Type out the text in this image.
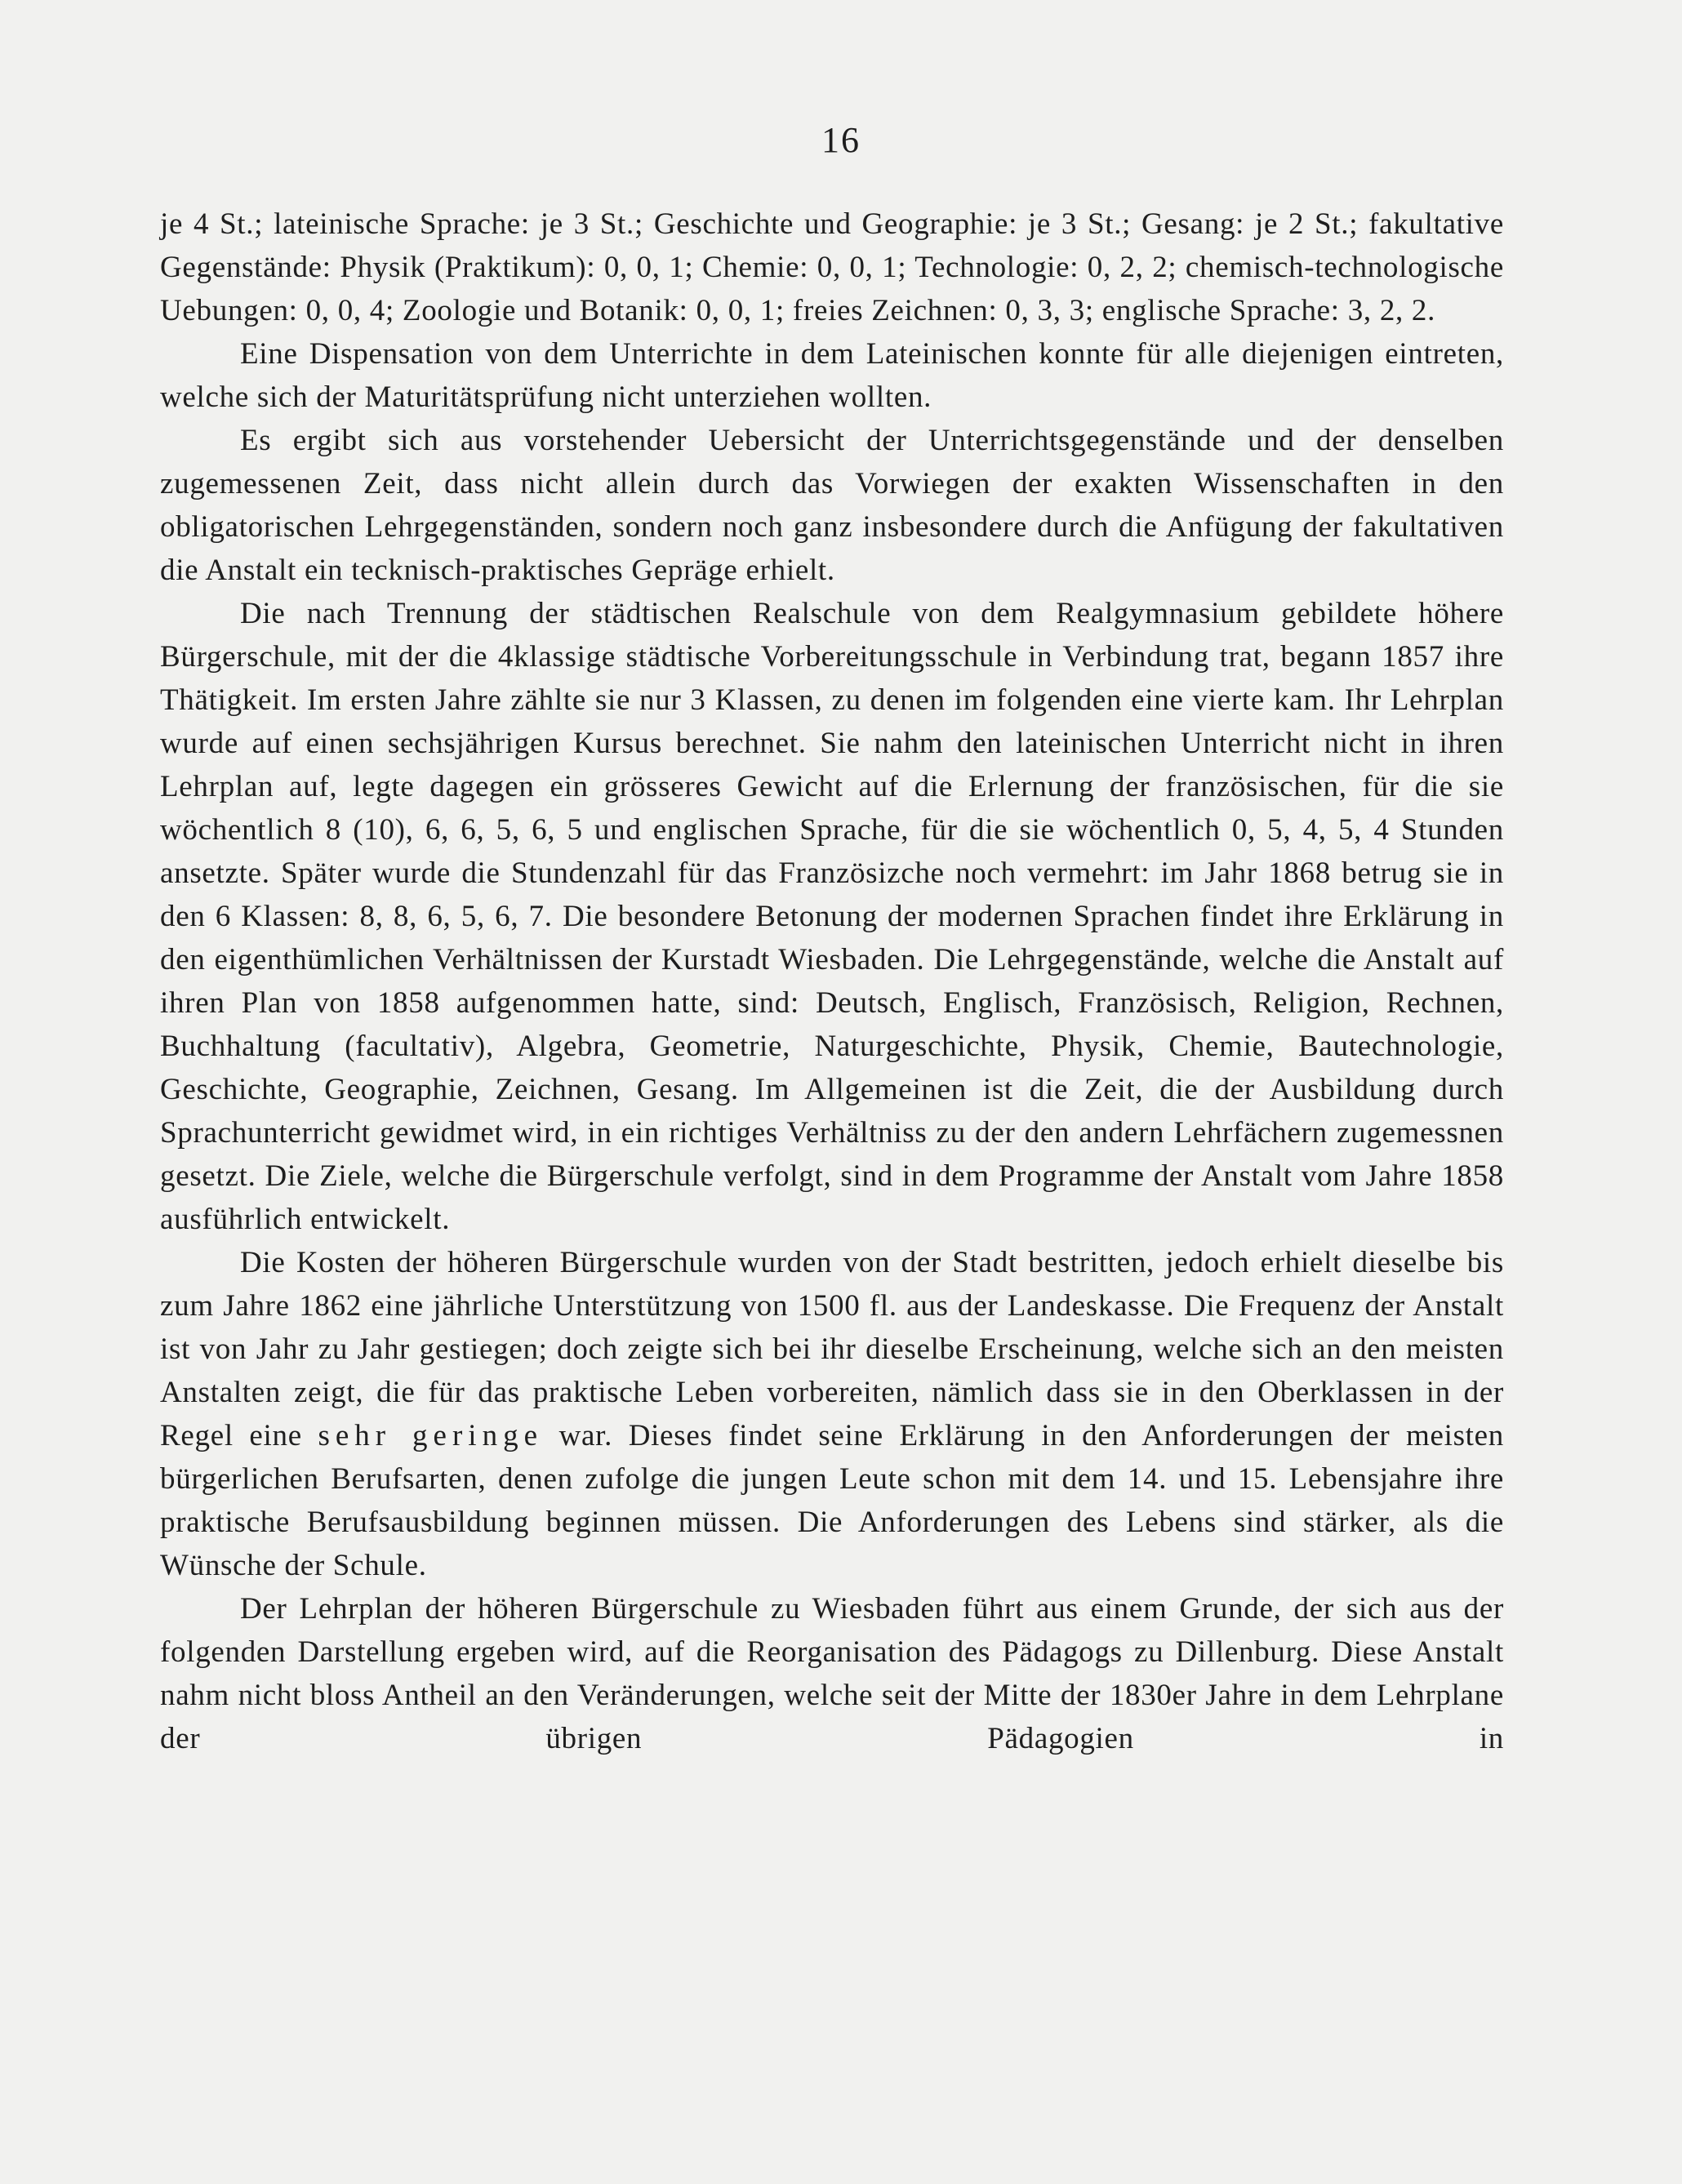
16

je 4 St.; lateinische Sprache: je 3 St.; Geschichte und Geographie: je 3 St.; Gesang: je 2 St.; fakultative Gegenstände: Physik (Praktikum): 0, 0, 1; Chemie: 0, 0, 1; Technologie: 0, 2, 2; chemisch-technologische Uebungen: 0, 0, 4; Zoologie und Botanik: 0, 0, 1; freies Zeichnen: 0, 3, 3; englische Sprache: 3, 2, 2.

Eine Dispensation von dem Unterrichte in dem Lateinischen konnte für alle diejenigen eintreten, welche sich der Maturitätsprüfung nicht unterziehen wollten.

Es ergibt sich aus vorstehender Uebersicht der Unterrichtsgegenstände und der denselben zugemessenen Zeit, dass nicht allein durch das Vorwiegen der exakten Wissenschaften in den obligatorischen Lehrgegenständen, sondern noch ganz insbesondere durch die Anfügung der fakultativen die Anstalt ein tecknisch-praktisches Gepräge erhielt.

Die nach Trennung der städtischen Realschule von dem Realgymnasium gebildete höhere Bürgerschule, mit der die 4klassige städtische Vorbereitungsschule in Verbindung trat, begann 1857 ihre Thätigkeit. Im ersten Jahre zählte sie nur 3 Klassen, zu denen im folgenden eine vierte kam. Ihr Lehrplan wurde auf einen sechsjährigen Kursus berechnet. Sie nahm den lateinischen Unterricht nicht in ihren Lehrplan auf, legte dagegen ein grösseres Gewicht auf die Erlernung der französischen, für die sie wöchentlich 8 (10), 6, 6, 5, 6, 5 und englischen Sprache, für die sie wöchentlich 0, 5, 4, 5, 4 Stunden ansetzte. Später wurde die Stundenzahl für das Französizche noch vermehrt: im Jahr 1868 betrug sie in den 6 Klassen: 8, 8, 6, 5, 6, 7. Die besondere Betonung der modernen Sprachen findet ihre Erklärung in den eigenthümlichen Verhältnissen der Kurstadt Wiesbaden. Die Lehrgegenstände, welche die Anstalt auf ihren Plan von 1858 aufgenommen hatte, sind: Deutsch, Englisch, Französisch, Religion, Rechnen, Buchhaltung (facultativ), Algebra, Geometrie, Naturgeschichte, Physik, Chemie, Bautechnologie, Geschichte, Geographie, Zeichnen, Gesang. Im Allgemeinen ist die Zeit, die der Ausbildung durch Sprachunterricht gewidmet wird, in ein richtiges Verhältniss zu der den andern Lehrfächern zugemessnen gesetzt. Die Ziele, welche die Bürgerschule verfolgt, sind in dem Programme der Anstalt vom Jahre 1858 ausführlich entwickelt.

Die Kosten der höheren Bürgerschule wurden von der Stadt bestritten, jedoch erhielt dieselbe bis zum Jahre 1862 eine jährliche Unterstützung von 1500 fl. aus der Landeskasse. Die Frequenz der Anstalt ist von Jahr zu Jahr gestiegen; doch zeigte sich bei ihr dieselbe Erscheinung, welche sich an den meisten Anstalten zeigt, die für das praktische Leben vorbereiten, nämlich dass sie in den Oberklassen in der Regel eine sehr geringe war. Dieses findet seine Erklärung in den Anforderungen der meisten bürgerlichen Berufsarten, denen zufolge die jungen Leute schon mit dem 14. und 15. Lebensjahre ihre praktische Berufsausbildung beginnen müssen. Die Anforderungen des Lebens sind stärker, als die Wünsche der Schule.

Der Lehrplan der höheren Bürgerschule zu Wiesbaden führt aus einem Grunde, der sich aus der folgenden Darstellung ergeben wird, auf die Reorganisation des Pädagogs zu Dillenburg. Diese Anstalt nahm nicht bloss Antheil an den Veränderungen, welche seit der Mitte der 1830er Jahre in dem Lehrplane der übrigen Pädagogien in
